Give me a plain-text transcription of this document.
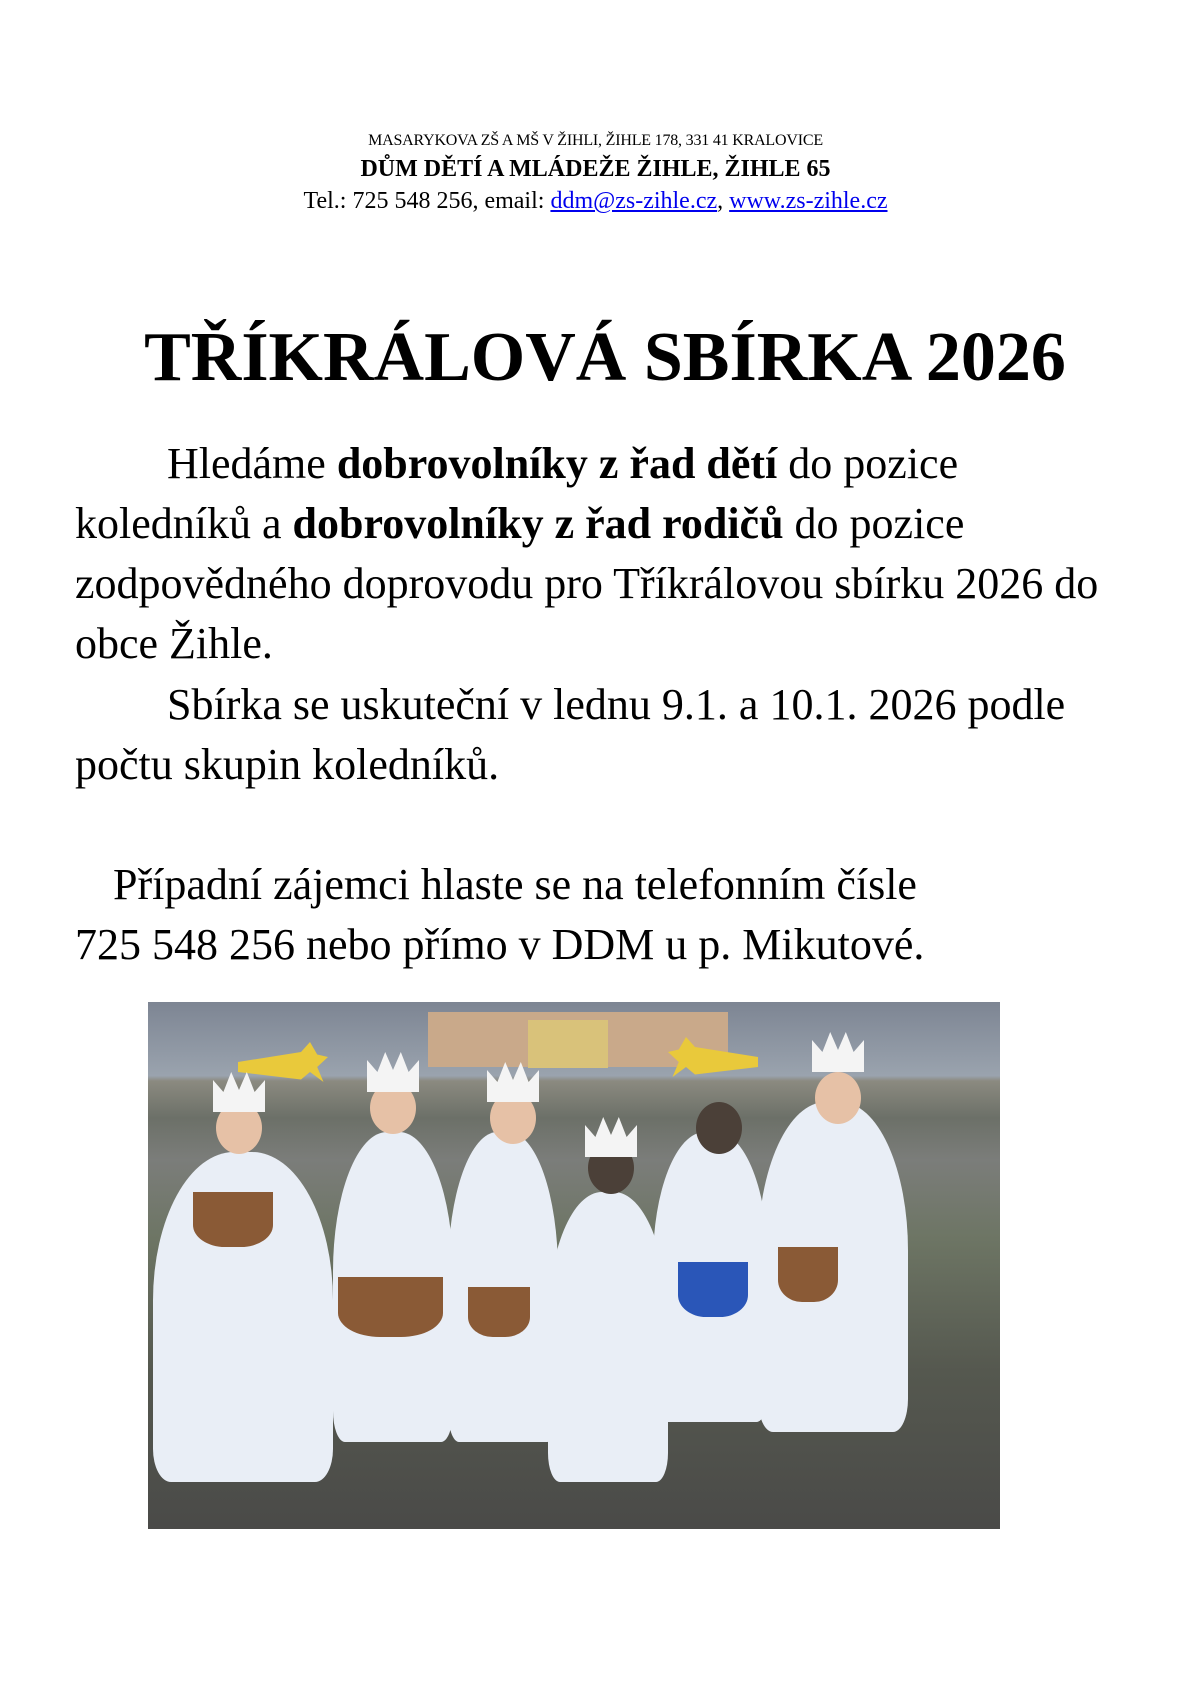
MASARYKOVA ZŠ A MŠ V ŽIHLI, ŽIHLE 178, 331 41 KRALOVICE
DŮM DĚTÍ A MLÁDEŽE ŽIHLE, ŽIHLE 65
Tel.: 725 548 256, email: ddm@zs-zihle.cz, www.zs-zihle.cz
TŘÍKRÁLOVÁ SBÍRKA 2026
Hledáme dobrovolníky z řad dětí do pozice koledníků a dobrovolníky z řad rodičů do pozice zodpovědného doprovodu pro Tříkrálovou sbírku 2026 do obce Žihle.
Sbírka se uskuteční v lednu 9.1. a 10.1. 2026 podle počtu skupin koledníků.
Případní zájemci hlaste se na telefonním čísle
725 548 256 nebo přímo v DDM u p. Mikutové.
